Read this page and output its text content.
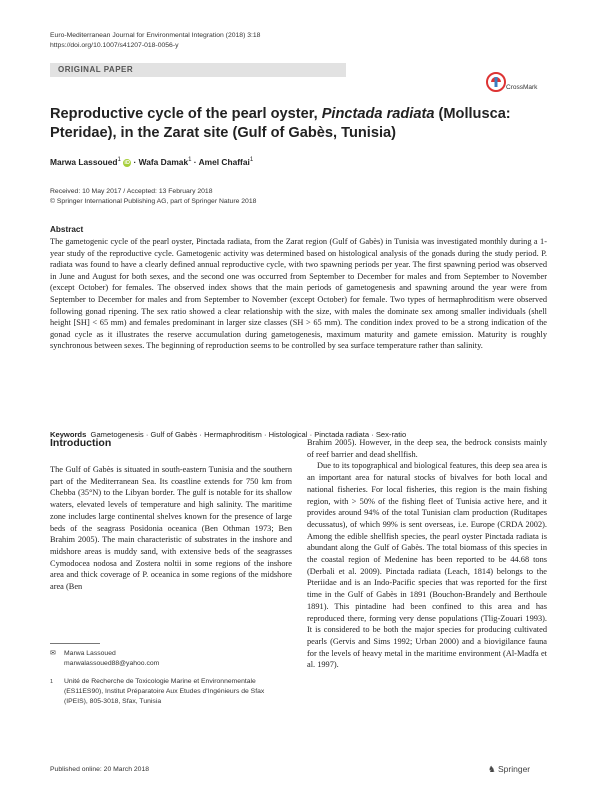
Euro-Mediterranean Journal for Environmental Integration (2018) 3:18
https://doi.org/10.1007/s41207-018-0056-y
ORIGINAL PAPER
CrossMark
Reproductive cycle of the pearl oyster, Pinctada radiata (Mollusca: Pteridae), in the Zarat site (Gulf of Gabès, Tunisia)
Marwa Lassoued$^1$ iD · Wafa Damak$^1$ · Amel Chaffai$^1$
Received: 10 May 2017 / Accepted: 13 February 2018
© Springer International Publishing AG, part of Springer Nature 2018
Abstract
The gametogenic cycle of the pearl oyster, Pinctada radiata, from the Zarat region (Gulf of Gabès) in Tunisia was investigated monthly during a 1-year study of the reproductive cycle. Gametogenic activity was determined based on histological analysis of the gonads during the study period. P. radiata was found to have a clearly defined annual reproductive cycle, with two spawning periods per year. The first spawning period was observed in June and August for both sexes, and the second one was occurred from September to December for males and from September to November (except October) for females. The observed index shows that the main periods of gametogenesis and spawning around the year were from September to December for males and from September to November (except October) for female. Two types of hermaphroditism were observed following gonad ripening. The sex ratio showed a clear relationship with the size, with males the dominate sex among smaller individuals (shell height [SH] < 65 mm) and females predominant in larger size classes (SH > 65 mm). The condition index proved to be a strong indication of the gonad cycle as it illustrates the reserve accumulation during gametogenesis, maximum maturity and gamete emission. Maturity is roughly synchronous between sexes. The beginning of reproduction seems to be controlled by sea surface temperature rather than salinity.
Keywords Gametogenesis · Gulf of Gabès · Hermaphroditism · Histological · Pinctada radiata · Sex-ratio
Introduction
The Gulf of Gabès is situated in south-eastern Tunisia and the southern part of the Mediterranean Sea. Its coastline extends for 750 km from Chebba (35°N) to the Libyan border. The gulf is notable for its shallow waters, elevated levels of temperature and high salinity. The maritime zone includes large continental shelves known for the presence of large beds of the seagrass Posidonia oceanica (Ben Othman 1973; Ben Brahim 2005). The main characteristic of substrates in the inshore and midshore areas is muddy sand, with extensive beds of the seagrasses Cymodocea nodosa and Zostera noltii in some regions of the inshore area and thick coverage of P. oceanica in some regions of the midshore area (Ben
Brahim 2005). However, in the deep sea, the bedrock consists mainly of reef barrier and dead shellfish.
Due to its topographical and biological features, this deep sea area is an important area for natural stocks of bivalves for both local and national fisheries. For local fisheries, this region is the main fishing region, with > 50% of the fishing fleet of Tunisia active here, and it provides around 94% of the total Tunisian clam production (Ruditapes decussatus), of which 99% is sent overseas, i.e. Europe (CRDA 2002). Among the edible shellfish species, the pearl oyster Pinctada radiata is abundant along the Gulf of Gabès. The total biomass of this species in the coastal region of Medenine has been reported to be 44.68 tons (Derbali et al. 2009). Pinctada radiata (Leach, 1814) belongs to the Pteriidae and is an Indo-Pacific species that was reported for the first time in the Gulf of Gabès in 1891 (Bouchon-Brandely and Berthoule 1891). This pintadine had been confined to this area and has reproduced there, forming very dense populations (Tlig-Zouari 1993). It is considered to be both the major species for producing cultivated pearls (Gervis and Sims 1992; Urban 2000) and a biovigilance fauna for the levels of heavy metal in the maritime environment (Al-Madfa et al. 1997).
✉ Marwa Lassoued
marwalassoued88@yahoo.com
1 Unité de Recherche de Toxicologie Marine et Environnementale (ES11ES90), Institut Préparatoire Aux Etudes d'Ingénieurs de Sfax (IPEIS), 805-3018, Sfax, Tunisia
Published online: 20 March 2018	♞ Springer
